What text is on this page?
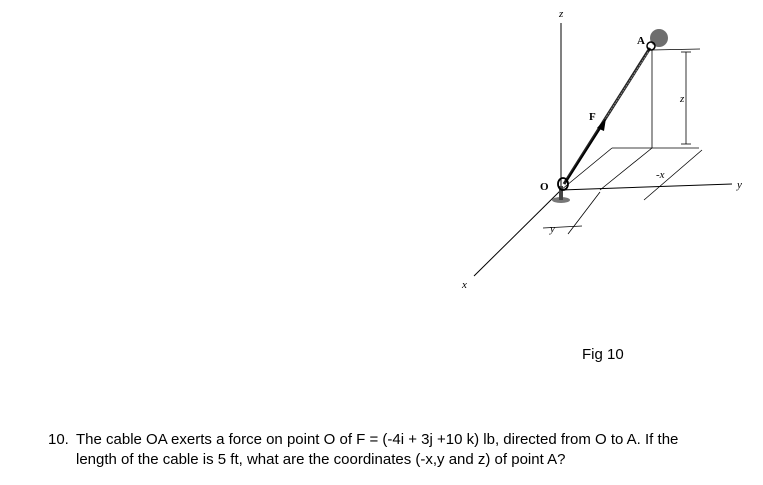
z
y
x
z
-x
y
F
A
O
Fig 10
10. The cable OA exerts a force on point O of F = (-4i + 3j +10 k) lb, directed from O to A. If the
length of the cable is 5 ft, what are the coordinates (-x,y and z) of point A?
